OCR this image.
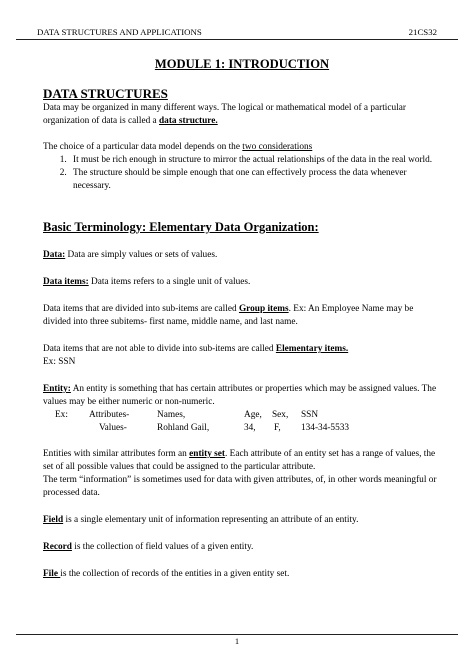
DATA STRUCTURES AND APPLICATIONS	21CS32

MODULE 1: INTRODUCTION

DATA STRUCTURES

Data may be organized in many different ways. The logical or mathematical model of a particular organization of data is called a data structure.

The choice of a particular data model depends on the two considerations

1. It must be rich enough in structure to mirror the actual relationships of the data in the real world.
2. The structure should be simple enough that one can effectively process the data whenever necessary.

Basic Terminology: Elementary Data Organization:

Data: Data are simply values or sets of values.

Data items: Data items refers to a single unit of values.

Data items that are divided into sub-items are called Group items. Ex: An Employee Name may be divided into three subitems- first name, middle name, and last name.

Data items that are not able to divide into sub-items are called Elementary items.
Ex: SSN

Entity: An entity is something that has certain attributes or properties which may be assigned values. The values may be either numeric or non-numeric.

Ex: Attributes-	Names,	Age, Sex, SSN
Values-	Rohland Gail,	34, F, 134-34-5533

Entities with similar attributes form an entity set. Each attribute of an entity set has a range of values, the set of all possible values that could be assigned to the particular attribute.

The term “information” is sometimes used for data with given attributes, of, in other words meaningful or processed data.

Field is a single elementary unit of information representing an attribute of an entity.

Record is the collection of field values of a given entity.

File is the collection of records of the entities in a given entity set.

1
